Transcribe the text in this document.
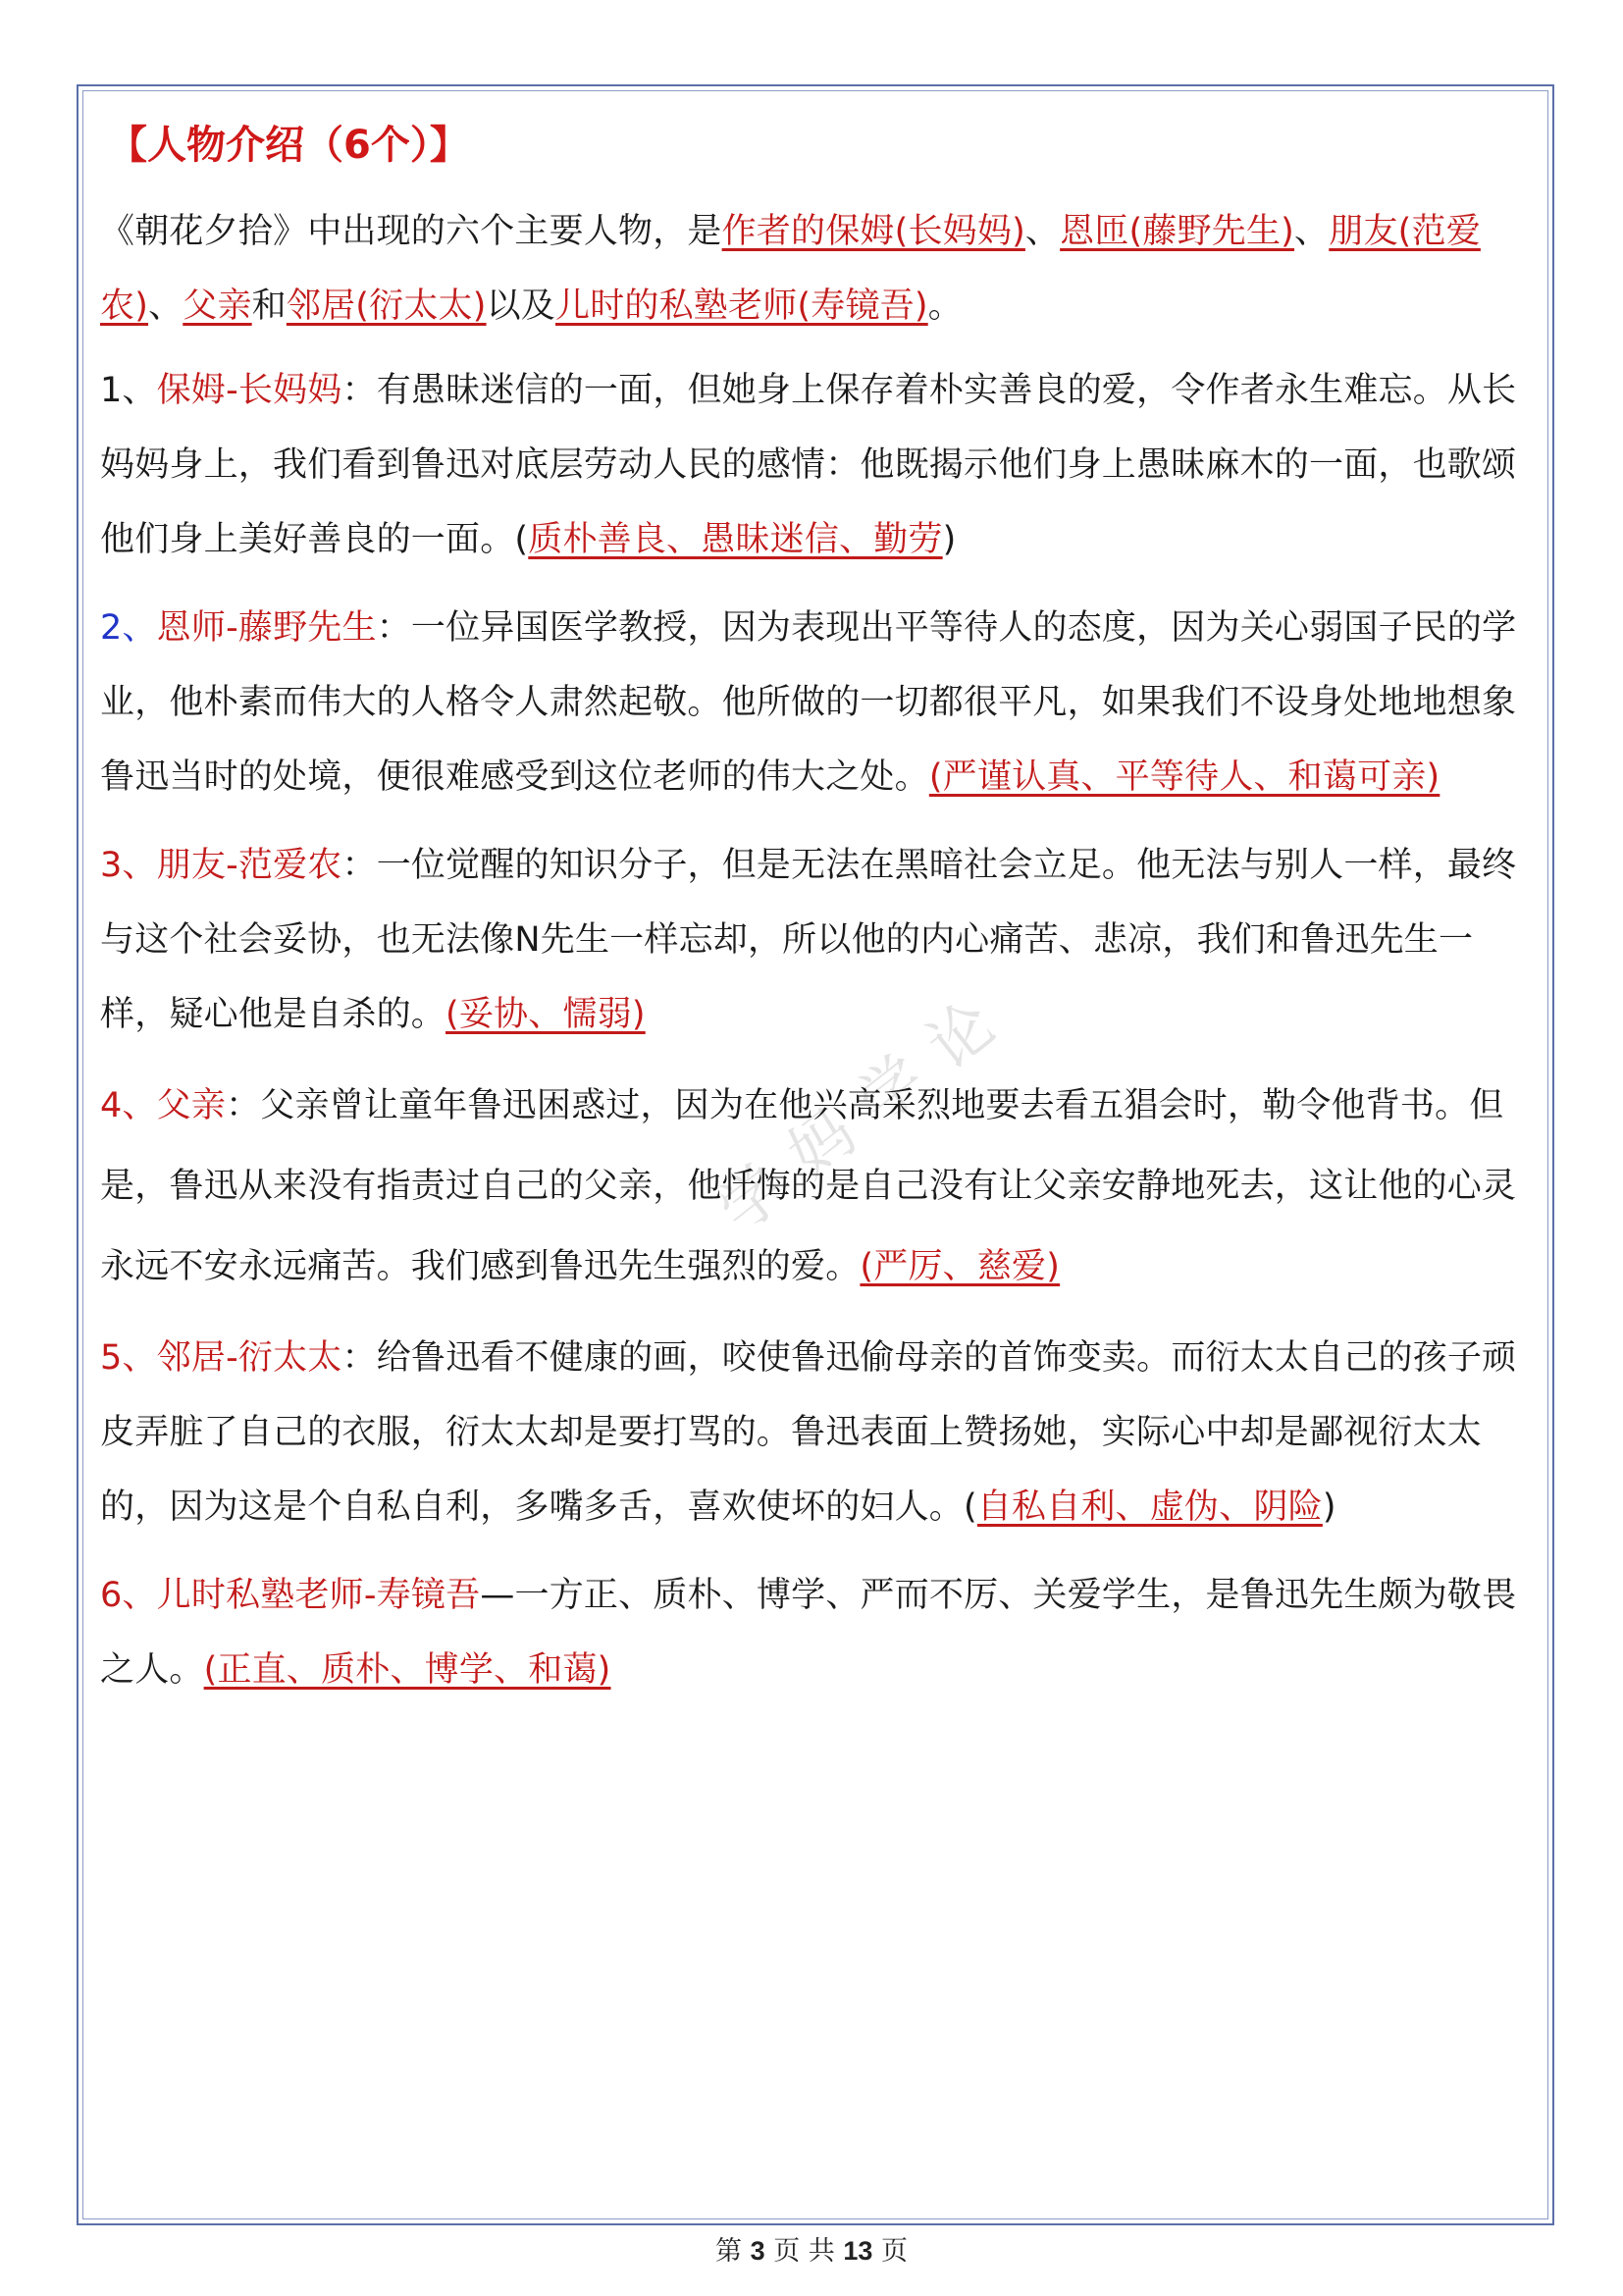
学妈学论
【人物介绍（6个）】

《朝花夕拾》中出现的六个主要人物，是作者的保姆(长妈妈)、恩匝(藤野先生)、朋友(范爱农)、父亲和邻居(衍太太)以及儿时的私塾老师(寿镜吾)。

1、保姆-长妈妈：有愚昧迷信的一面，但她身上保存着朴实善良的爱，令作者永生难忘。从长妈妈身上，我们看到鲁迅对底层劳动人民的感情：他既揭示他们身上愚昧麻木的一面，也歌颂他们身上美好善良的一面。(质朴善良、愚昧迷信、勤劳)

2、恩师-藤野先生：一位异国医学教授，因为表现出平等待人的态度，因为关心弱国子民的学业，他朴素而伟大的人格令人肃然起敬。他所做的一切都很平凡，如果我们不设身处地地想象鲁迅当时的处境，便很难感受到这位老师的伟大之处。(严谨认真、平等待人、和蔼可亲)

3、朋友-范爱农：一位觉醒的知识分子，但是无法在黑暗社会立足。他无法与别人一样，最终与这个社会妥协，也无法像N先生一样忘却，所以他的内心痛苦、悲凉，我们和鲁迅先生一样，疑心他是自杀的。(妥协、懦弱)

4、父亲：父亲曾让童年鲁迅困惑过，因为在他兴高采烈地要去看五猖会时，勒令他背书。但是，鲁迅从来没有指责过自己的父亲，他忏悔的是自己没有让父亲安静地死去，这让他的心灵永远不安永远痛苦。我们感到鲁迅先生强烈的爱。(严厉、慈爱)

5、邻居-衍太太：给鲁迅看不健康的画，咬使鲁迅偷母亲的首饰变卖。而衍太太自己的孩子顽皮弄脏了自己的衣服，衍太太却是要打骂的。鲁迅表面上赞扬她，实际心中却是鄙视衍太太的，因为这是个自私自利，多嘴多舌，喜欢使坏的妇人。(自私自利、虚伪、阴险)

6、儿时私塾老师-寿镜吾—一方正、质朴、博学、严而不厉、关爱学生，是鲁迅先生颇为敬畏之人。(正直、质朴、博学、和蔼)

第 3 页 共 13 页
